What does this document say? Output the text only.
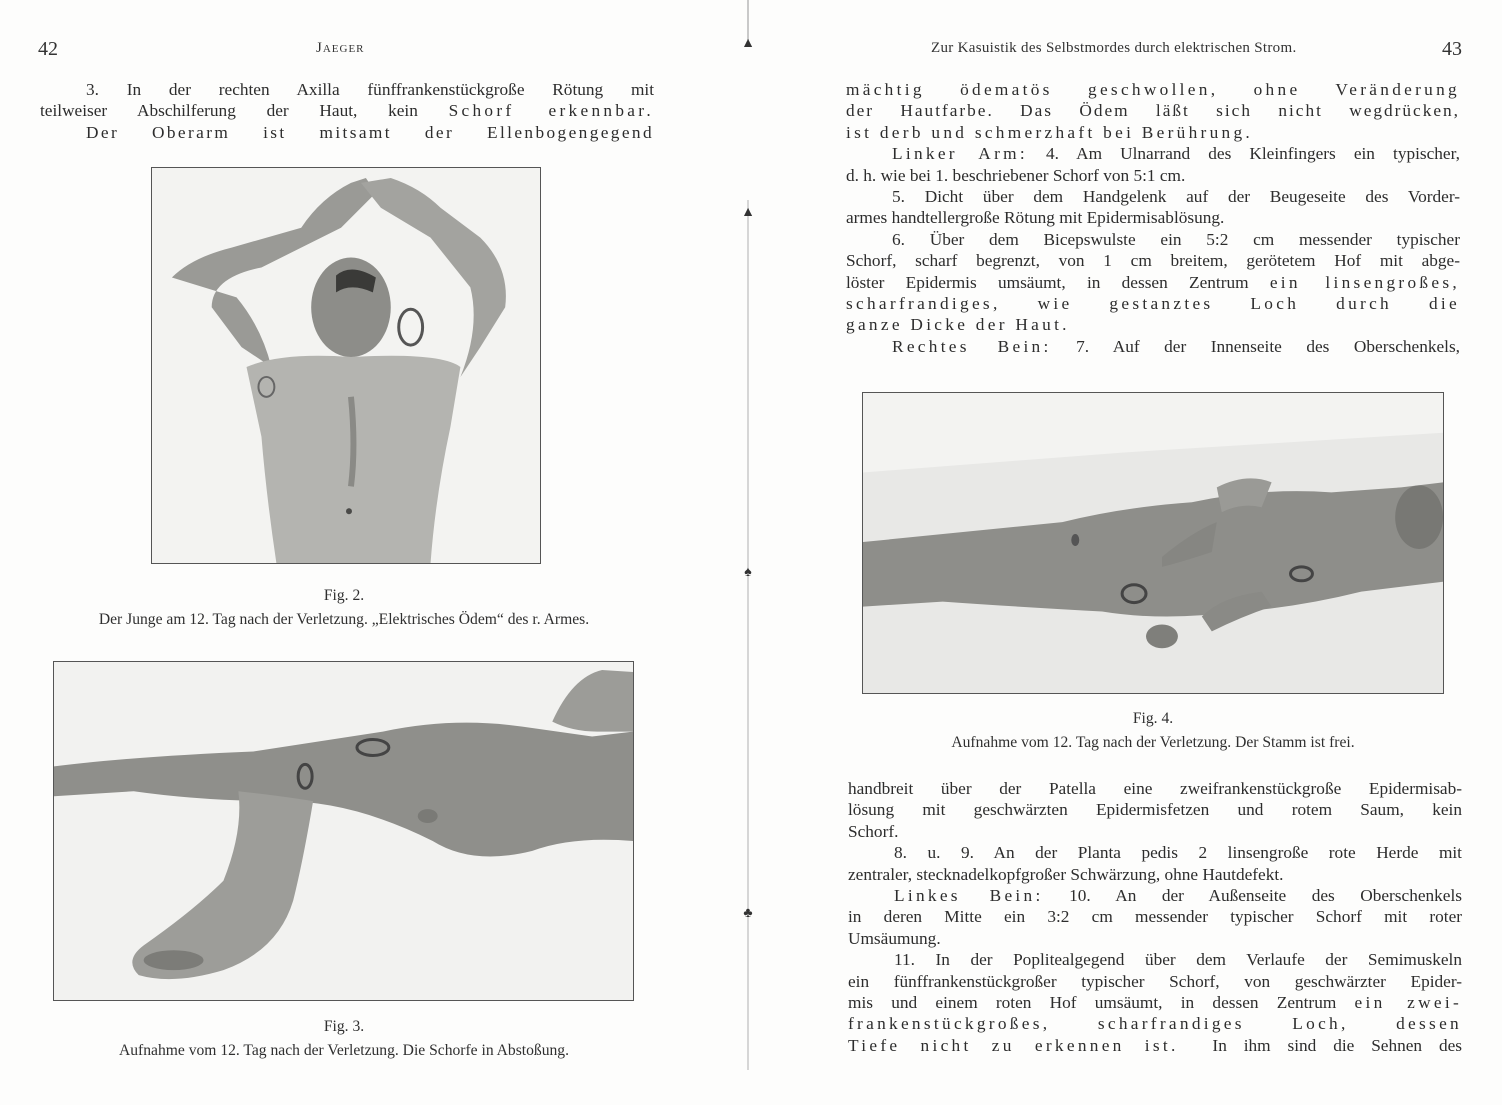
42	Jaeger
3. In der rechten Axilla fünffrankenstückgroße Rötung mit
teilweiser Abschilferung der Haut, kein Schorf erkennbar.
Der Oberarm ist mitsamt der Ellenbogengegend
Fig. 2.
Der Junge am 12. Tag nach der Verletzung. „Elektrisches Ödem“ des r. Armes.
Fig. 3.
Aufnahme vom 12. Tag nach der Verletzung. Die Schorfe in Abstoßung.
▲
▲
♠
♣
Zur Kasuistik des Selbstmordes durch elektrischen Strom.	43
mächtig ödematös geschwollen, ohne Veränderung
der Hautfarbe. Das Ödem läßt sich nicht wegdrücken,
ist derb und schmerzhaft bei Berührung.
Linker Arm: 4. Am Ulnarrand des Kleinfingers ein typischer,
d. h. wie bei 1. beschriebener Schorf von 5:1 cm.
5. Dicht über dem Handgelenk auf der Beugeseite des Vorder-
armes handtellergroße Rötung mit Epidermisablösung.
6. Über dem Bicepswulste ein 5:2 cm messender typischer
Schorf, scharf begrenzt, von 1 cm breitem, gerötetem Hof mit abge-
löster Epidermis umsäumt, in dessen Zentrum ein linsengroßes,
scharfrandiges, wie gestanztes Loch durch die
ganze Dicke der Haut.
Rechtes Bein: 7. Auf der Innenseite des Oberschenkels,
Fig. 4.
Aufnahme vom 12. Tag nach der Verletzung. Der Stamm ist frei.
handbreit über der Patella eine zweifrankenstückgroße Epidermisab-
lösung mit geschwärzten Epidermisfetzen und rotem Saum, kein
Schorf.
8. u. 9. An der Planta pedis 2 linsengroße rote Herde mit
zentraler, stecknadelkopfgroßer Schwärzung, ohne Hautdefekt.
Linkes Bein: 10. An der Außenseite des Oberschenkels
in deren Mitte ein 3:2 cm messender typischer Schorf mit roter
Umsäumung.
11. In der Poplitealgegend über dem Verlaufe der Semimuskeln
ein fünffrankenstückgroßer typischer Schorf, von geschwärzter Epider-
mis und einem roten Hof umsäumt, in dessen Zentrum ein zwei-
frankenstückgroßes, scharfrandiges Loch, dessen
Tiefe nicht zu erkennen ist.  In ihm sind die Sehnen des
